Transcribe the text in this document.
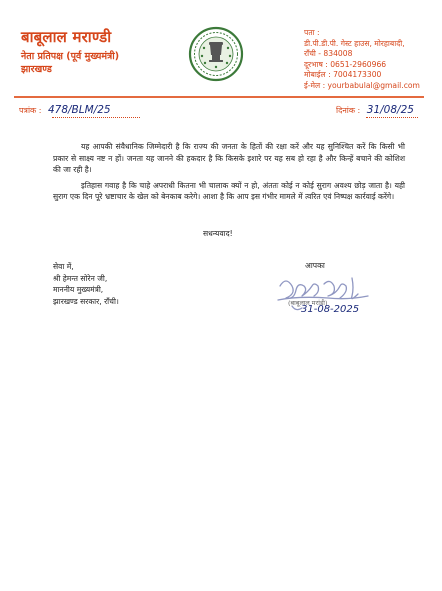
बाबूलाल मराण्डी
नेता प्रतिपक्ष (पूर्व मुख्यमंत्री)
झारखण्ड
पता :
डी.पी.डी.पी. गेस्ट हाउस, मोरहाबादी,
राँची - 834008
दूरभाष : 0651-2960966
मोबाईल : 7004173300
ई-मेल : yourbabulal@gmail.com
पत्रांक : 478/BLM/25	दिनांक : 31/08/25

यह आपकी संवैधानिक जिम्मेदारी है कि राज्य की जनता के हितों की रक्षा करें और यह सुनिश्चित करें कि किसी भी प्रकार से साक्ष्य नष्ट न हों। जनता यह जानने की हकदार है कि किसके इशारे पर यह सब हो रहा है और किन्हें बचाने की कोशिश की जा रही है।

इतिहास गवाह है कि चाहे अपराधी कितना भी चालाक क्यों न हो, अंततः कोई न कोई सुराग अवश्य छोड़ जाता है। यही सुराग एक दिन पूरे भ्रष्टाचार के खेल को बेनकाब करेगे। आशा है कि आप इस गंभीर मामले में त्वरित एवं निष्पक्ष कार्रवाई करेंगे।

सधन्यवाद!
सेवा में,
श्री हेमन्त सोरेन जी,
माननीय मुख्यमंत्री,
झारखण्ड सरकार, राँची।
आपका
(बाबूलाल मरांडी)
31-08-2025
